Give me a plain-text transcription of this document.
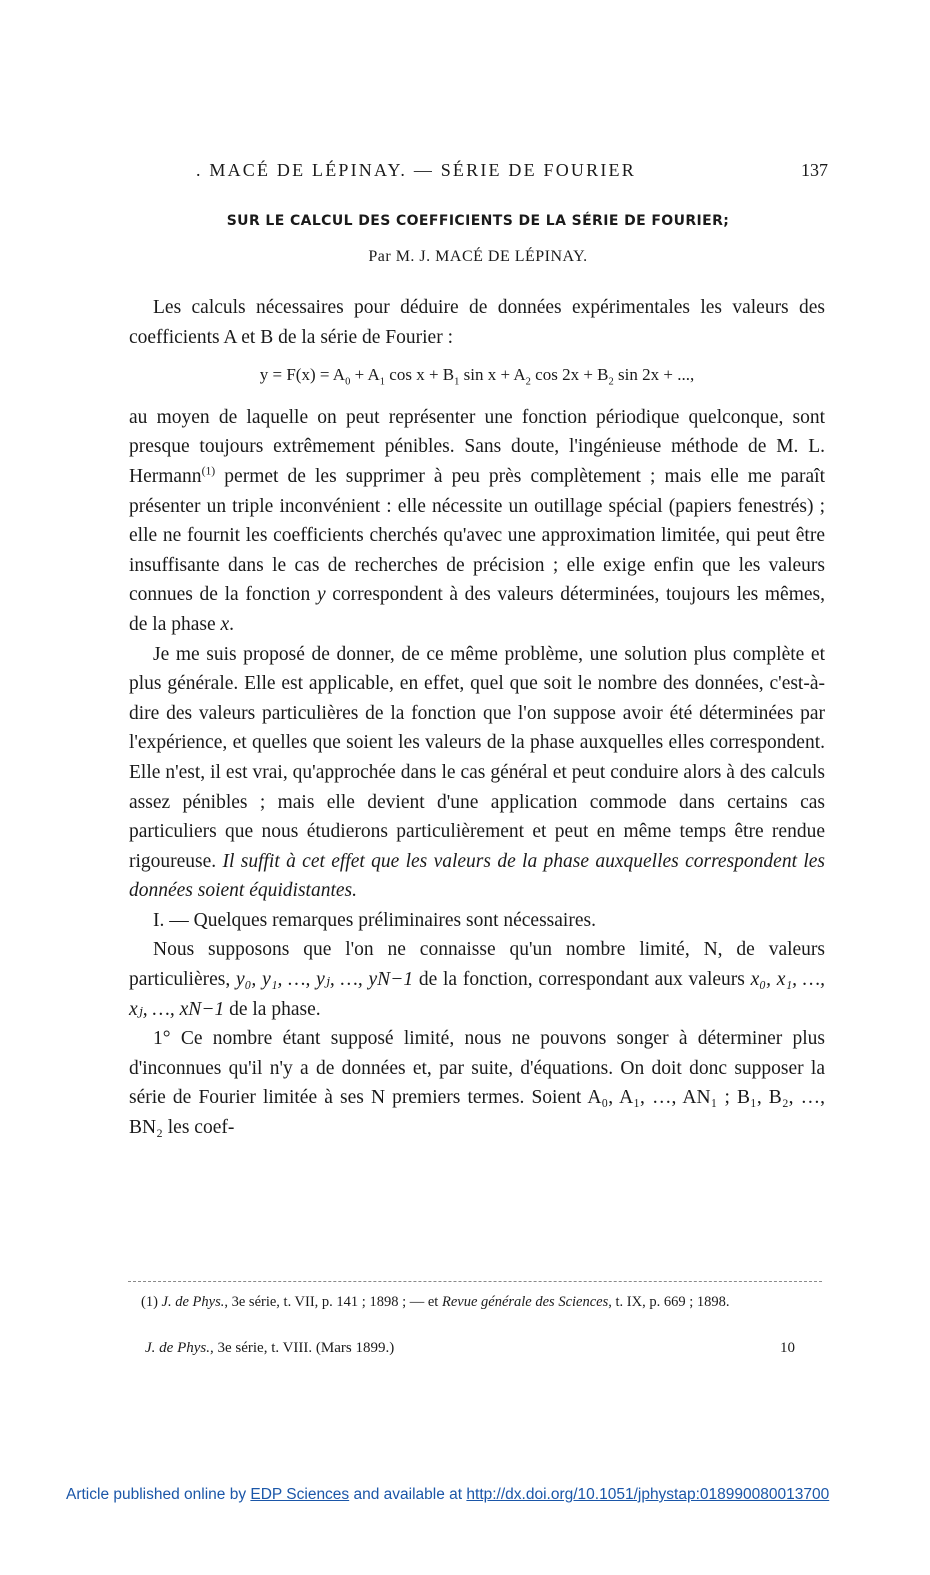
. MACÉ DE LÉPINAY. — SÉRIE DE FOURIER	137
SUR LE CALCUL DES COEFFICIENTS DE LA SÉRIE DE FOURIER;
Par M. J. MACÉ DE LÉPINAY.

Les calculs nécessaires pour déduire de données expérimentales les valeurs des coefficients A et B de la série de Fourier :

$y = F(x) = A_0 + A_1$ $\cos x + B_1$ $\sin x + A_2$ $\cos 2x + B_2$ sin 2x + ...,

au moyen de laquelle on peut représenter une fonction périodique quelconque, sont presque toujours extrêmement pénibles. Sans doute, l'ingénieuse méthode de M. L. Hermann$^{(1)}$ permet de les supprimer à peu près complètement ; mais elle me paraît présenter un triple inconvénient : elle nécessite un outillage spécial (papiers fenestrés) ; elle ne fournit les coefficients cherchés qu'avec une approximation limitée, qui peut être insuffisante dans le cas de recherches de précision ; elle exige enfin que les valeurs connues de la fonction y correspondent à des valeurs déterminées, toujours les mêmes, de la phase x.

Je me suis proposé de donner, de ce même problème, une solution plus complète et plus générale. Elle est applicable, en effet, quel que soit le nombre des données, c'est-à-dire des valeurs particulières de la fonction que l'on suppose avoir été déterminées par l'expérience, et quelles que soient les valeurs de la phase auxquelles elles correspondent. Elle n'est, il est vrai, qu'approchée dans le cas général et peut conduire alors à des calculs assez pénibles ; mais elle devient d'une application commode dans certains cas particuliers que nous étudierons particulièrement et peut en même temps être rendue rigoureuse. Il suffit à cet effet que les valeurs de la phase auxquelles correspondent les données soient équidistantes.

I. — Quelques remarques préliminaires sont nécessaires.

Nous supposons que l'on ne connaisse qu'un nombre limité, N, de valeurs particulières, y₀, y₁, …, yⱼ, …, yN−1 de la fonction, correspondant aux valeurs x₀, x₁, …, xⱼ, …, xN−1 de la phase.

1° Ce nombre étant supposé limité, nous ne pouvons songer à déterminer plus d'inconnues qu'il n'y a de données et, par suite, d'équations. On doit donc supposer la série de Fourier limitée à ses N premiers termes. Soient A₀, A₁, …, AN₁ ; B₁, B₂, …, BN₂ les coef-

(1) J. de Phys., 3e série, t. VII, p. 141 ; 1898 ; — et Revue générale des Sciences, t. IX, p. 669 ; 1898.

J. de Phys., 3e série, t. VIII. (Mars 1899.)	10
Article published online by EDP Sciences and available at http://dx.doi.org/10.1051/jphystap:018990080013700
